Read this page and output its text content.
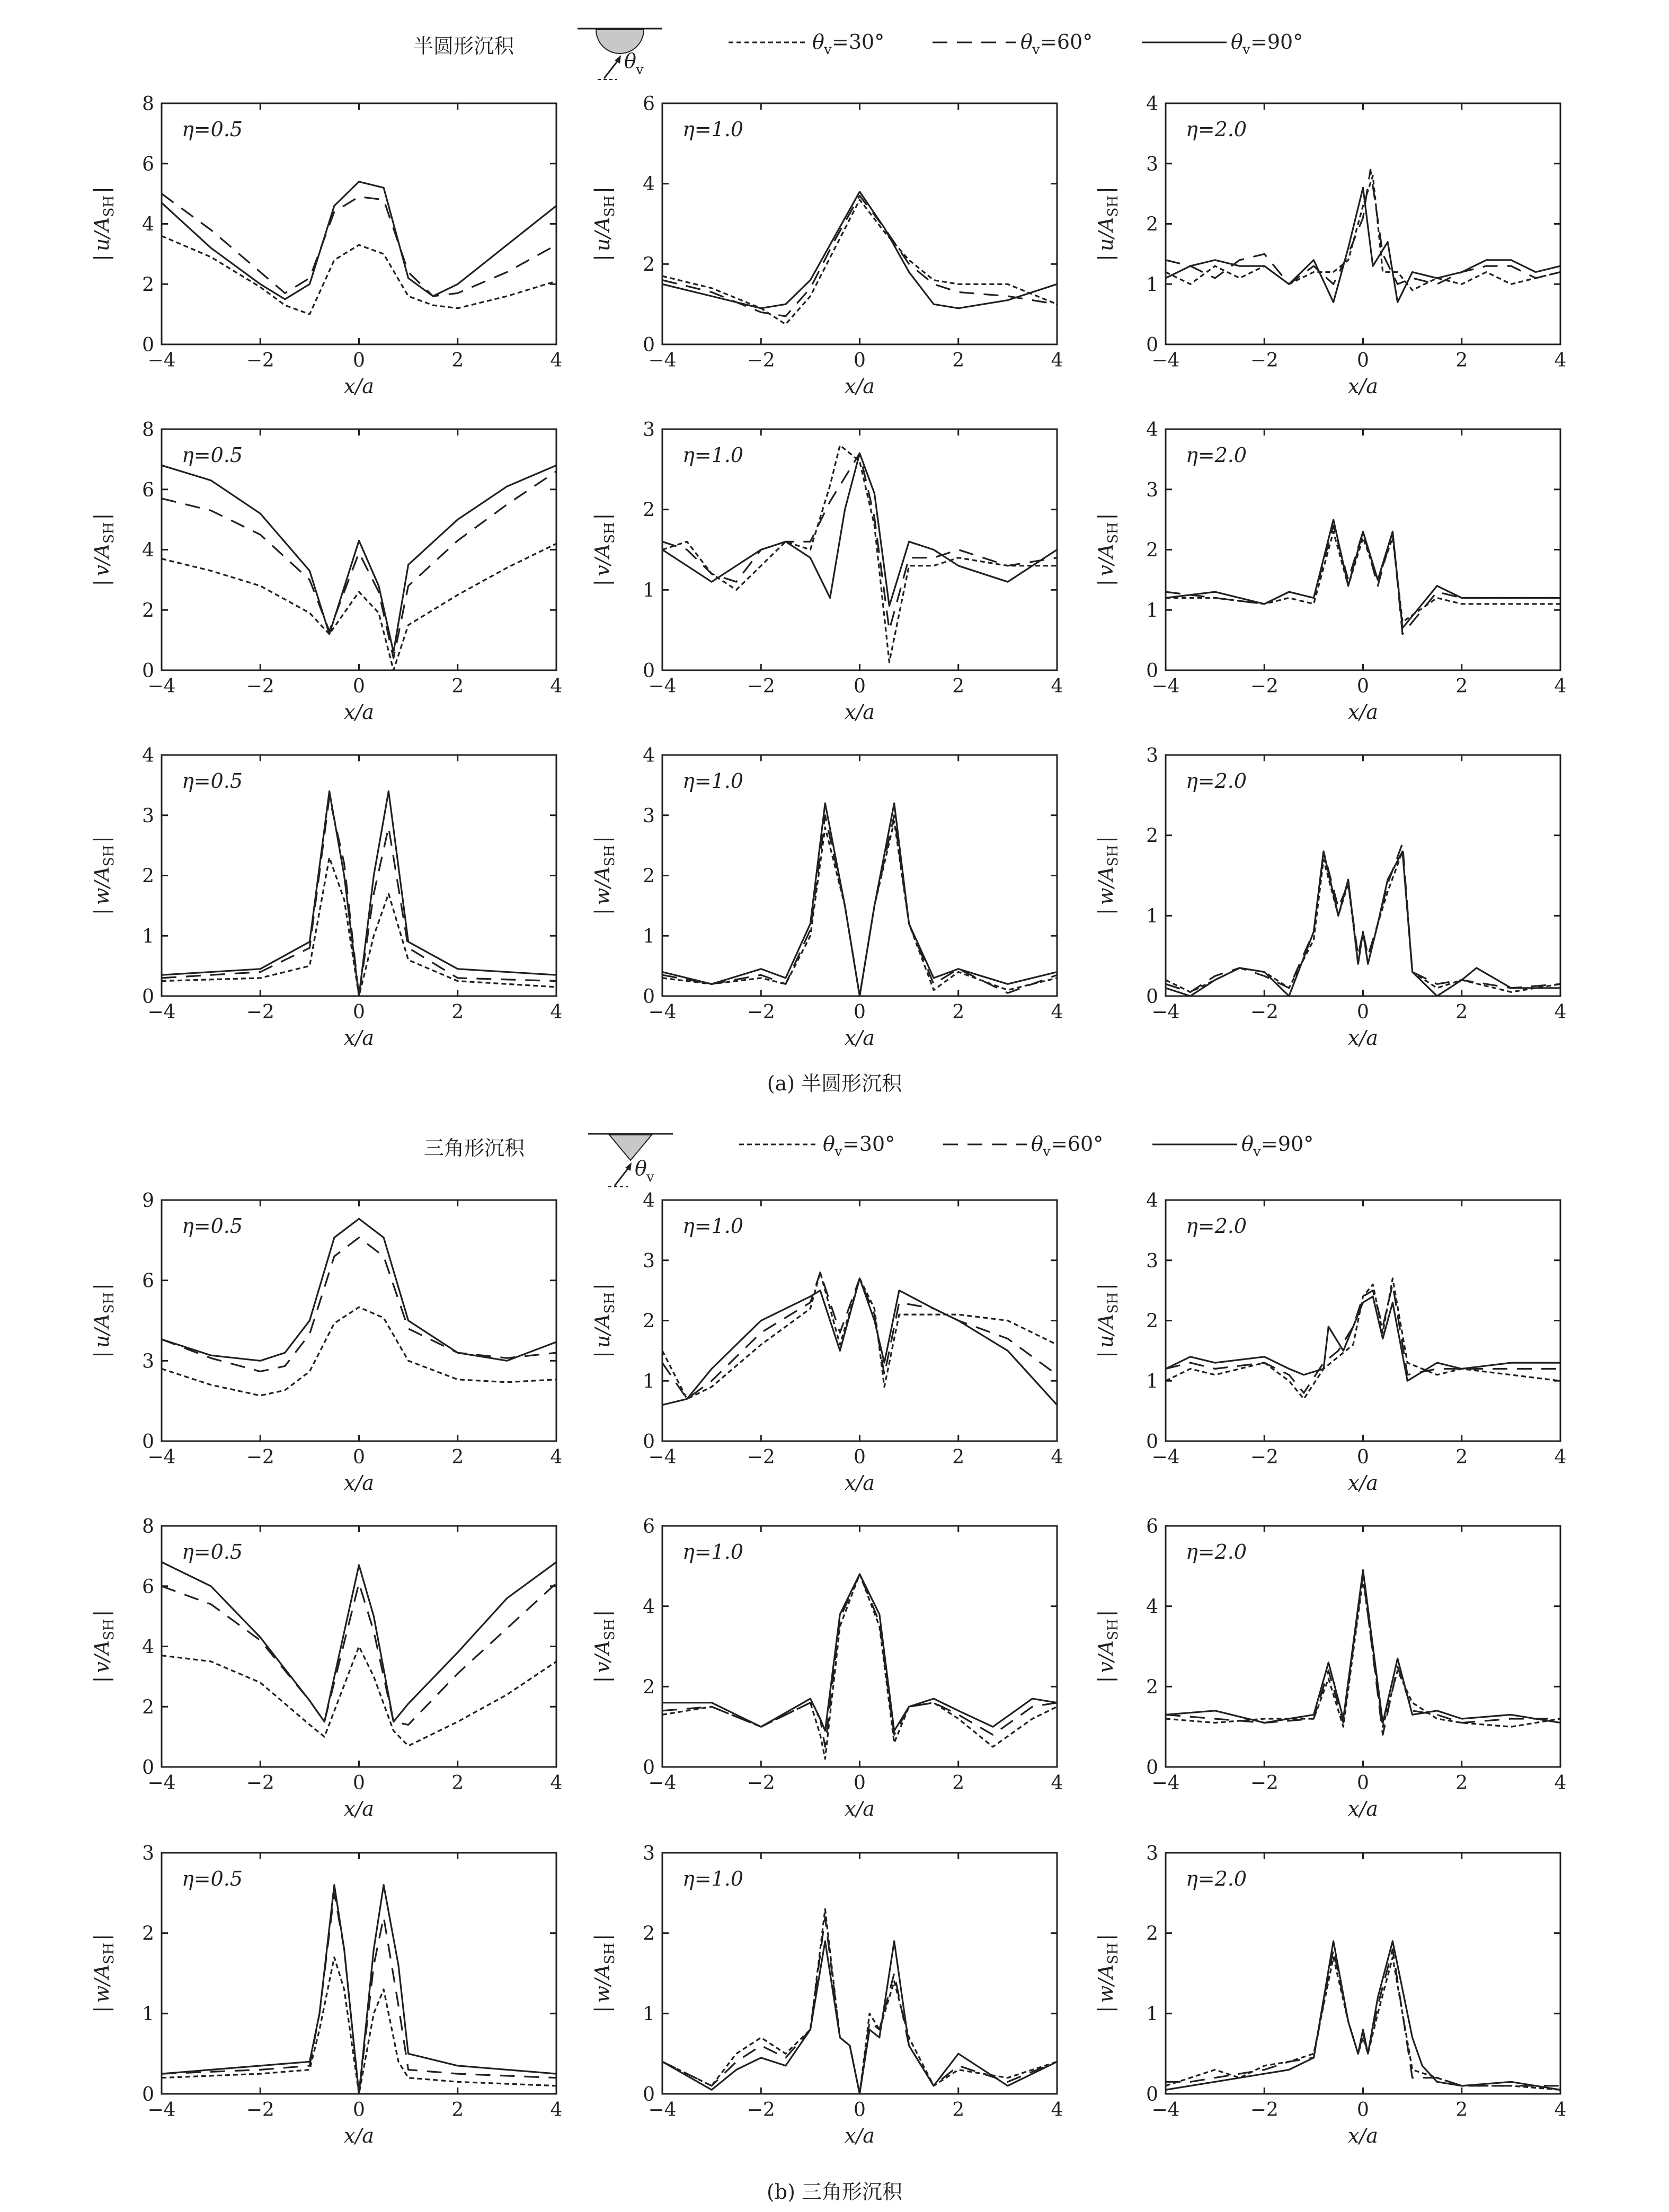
半圆形沉积
θ v
θ v =30°	θ v =60°	θ v =90°
三角形沉积
θ v
θ v =30°	θ v =60°	θ v =90°
(a) 半圆形沉积
(b) 三角形沉积
−4	−2	0	2	4
0
2
4
6
8
η=0.5
x/a
$|u/A_{SH}|$
−4	−2	0	2	4
0
2
4
6
η=1.0
x/a
$|u/A_{SH}|$
−4	−2	0	2	4
0
1
2
3
4
η=2.0
x/a
$|u/A_{SH}|$
−4	−2	0	2	4
0
2
4
6
8
η=0.5
x/a
$|v/A_{SH}|$
−4	−2	0	2	4
0
1
2
3
η=1.0
x/a
$|v/A_{SH}|$
−4	−2	0	2	4
0
1
2
3
4
η=2.0
x/a
$|v/A_{SH}|$
−4	−2	0	2	4
0
1
2
3
4
η=0.5
x/a
$|w/A_{SH}|$
−4	−2	0	2	4
0
1
2
3
4
η=1.0
x/a
$|w/A_{SH}|$
−4	−2	0	2	4
0
1
2
3
η=2.0
x/a
$|w/A_{SH}|$
−4	−2	0	2	4
0
3
6
9
η=0.5
x/a
$|u/A_{SH}|$
−4	−2	0	2	4
0
1
2
3
4
η=1.0
x/a
$|u/A_{SH}|$
−4	−2	0	2	4
0
1
2
3
4
η=2.0
x/a
$|u/A_{SH}|$
−4	−2	0	2	4
0
2
4
6
8
η=0.5
x/a
$|v/A_{SH}|$
−4	−2	0	2	4
0
2
4
6
η=1.0
x/a
$|v/A_{SH}|$
−4	−2	0	2	4
0
2
4
6
η=2.0
x/a
$|v/A_{SH}|$
−4	−2	0	2	4
0
1
2
3
η=0.5
x/a
$|w/A_{SH}|$
−4	−2	0	2	4
0
1
2
3
η=1.0
x/a
$|w/A_{SH}|$
−4	−2	0	2	4
0
1
2
3
η=2.0
x/a
$|w/A_{SH}|$
